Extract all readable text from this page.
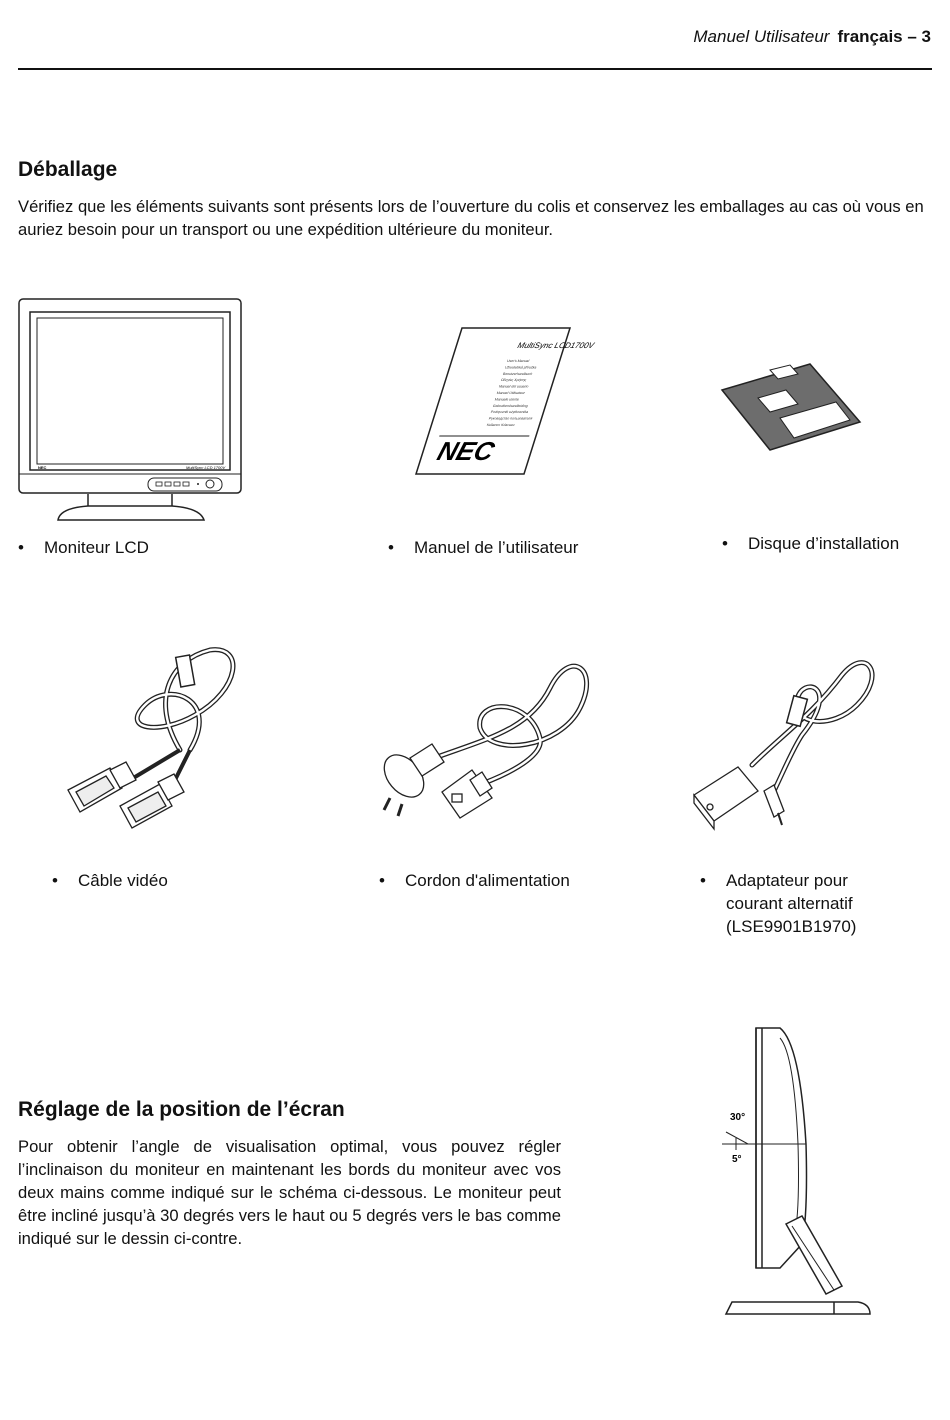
Manuel Utilisateur français – 3
Déballage

Vérifiez que les éléments suivants sont présents lors de l’ouverture du colis et conservez les emballages au cas où vous en auriez besoin pour un transport ou une expédition ultérieure du moniteur.

NEC	MultiSync LCD 1700V
MultiSync LCD1700V
User's Manual
Uživatelská příručka
Benutzerhandbuch
Οδηγίες Χρήσης
Manual del usuario
Manuel Utilisateur
Manuale utente
Gebruikershandleiding
Podręcznik użytkownika
Руководство пользователя
Kullanıcı Kılavuzu
NEC
• Moniteur LCD	• Manuel de l’utilisateur	• Disque d’installation
• Câble vidéo	• Cordon d'alimentation	•	Adaptateur pour
courant alternatif
(LSE9901B1970)
Réglage de la position de l’écran

Pour obtenir l’angle de visualisation optimal, vous pouvez régler l’inclinaison du moniteur en maintenant les bords du moniteur avec vos deux mains comme indiqué sur le schéma ci-dessous. Le moniteur peut être incliné jusqu’à 30 degrés vers le haut ou 5 degrés vers le bas comme indiqué sur le dessin ci-contre.

30°
5°
